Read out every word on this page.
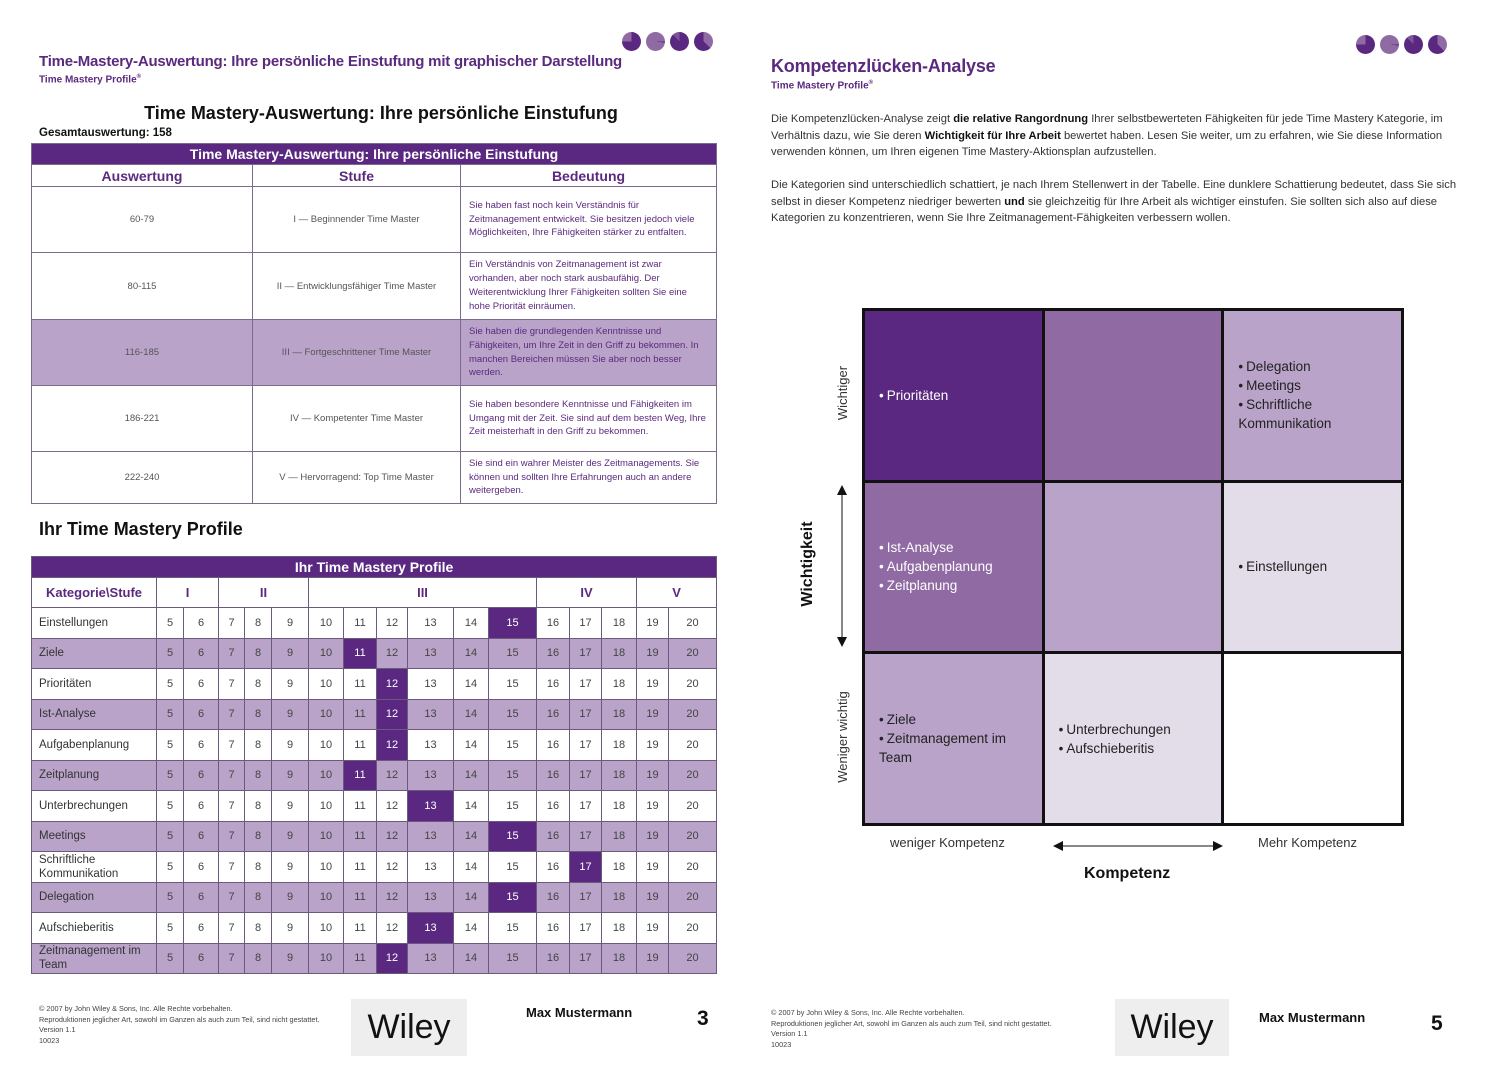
Time-Mastery-Auswertung: Ihre persönliche Einstufung mit graphischer Darstellung
Time Mastery Profile®
Time Mastery-Auswertung: Ihre persönliche Einstufung
Gesamtauswertung: 158
Time Mastery-Auswertung: Ihre persönliche Einstufung		
Auswertung	Stufe	Bedeutung
60-79	I — Beginnender Time Master	Sie haben fast noch kein Verständnis für Zeitmanagement entwickelt. Sie besitzen jedoch viele Möglichkeiten, Ihre Fähigkeiten stärker zu entfalten.
80-115	II — Entwicklungsfähiger Time Master	Ein Verständnis von Zeitmanagement ist zwar vorhanden, aber noch stark ausbaufähig. Der Weiterentwicklung Ihrer Fähigkeiten sollten Sie eine hohe Priorität einräumen.
116-185	III — Fortgeschrittener Time Master	Sie haben die grundlegenden Kenntnisse und Fähigkeiten, um Ihre Zeit in den Griff zu bekommen. In manchen Bereichen müssen Sie aber noch besser werden.
186-221	IV — Kompetenter Time Master	Sie haben besondere Kenntnisse und Fähigkeiten im Umgang mit der Zeit. Sie sind auf dem besten Weg, Ihre Zeit meisterhaft in den Griff zu bekommen.
222-240	V — Hervorragend: Top Time Master	Sie sind ein wahrer Meister des Zeitmanagements. Sie können und sollten Ihre Erfahrungen auch an andere weitergeben.
Ihr Time Mastery Profile
Ihr Time Mastery Profile																
Kategorie\Stufe	I		II			III						IV			V	
Einstellungen	5	6	7	8	9	10	11	12	13	14	15	16	17	18	19	20
Ziele	5	6	7	8	9	10	11	12	13	14	15	16	17	18	19	20
Prioritäten	5	6	7	8	9	10	11	12	13	14	15	16	17	18	19	20
Ist-Analyse	5	6	7	8	9	10	11	12	13	14	15	16	17	18	19	20
Aufgabenplanung	5	6	7	8	9	10	11	12	13	14	15	16	17	18	19	20
Zeitplanung	5	6	7	8	9	10	11	12	13	14	15	16	17	18	19	20
Unterbrechungen	5	6	7	8	9	10	11	12	13	14	15	16	17	18	19	20
Meetings	5	6	7	8	9	10	11	12	13	14	15	16	17	18	19	20
Schriftliche Kommunikation	5	6	7	8	9	10	11	12	13	14	15	16	17	18	19	20
Delegation	5	6	7	8	9	10	11	12	13	14	15	16	17	18	19	20
Aufschieberitis	5	6	7	8	9	10	11	12	13	14	15	16	17	18	19	20
Zeitmanagement im Team	5	6	7	8	9	10	11	12	13	14	15	16	17	18	19	20
© 2007 by John Wiley & Sons, Inc. Alle Rechte vorbehalten.
Reproduktionen jeglicher Art, sowohl im Ganzen als auch zum Teil, sind nicht gestattet.
Version 1.1
10023	Wiley	Max Mustermann	3
Kompetenzlücken-Analyse
Time Mastery Profile®
Die Kompetenzlücken-Analyse zeigt die relative Rangordnung Ihrer selbstbewerteten Fähigkeiten für jede Time Mastery Kategorie, im Verhältnis dazu, wie Sie deren Wichtigkeit für Ihre Arbeit bewertet haben. Lesen Sie weiter, um zu erfahren, wie Sie diese Information verwenden können, um Ihren eigenen Time Mastery-Aktionsplan aufzustellen.
Die Kategorien sind unterschiedlich schattiert, je nach Ihrem Stellenwert in der Tabelle. Eine dunklere Schattierung bedeutet, dass Sie sich selbst in dieser Kompetenz niedriger bewerten und sie gleichzeitig für Ihre Arbeit als wichtiger einstufen. Sie sollten sich also auf diese Kategorien zu konzentrieren, wenn Sie Ihre Zeitmanagement-Fähigkeiten verbessern wollen.
• Prioritäten
• Delegation
• Meetings
• Schriftliche Kommunikation
• Ist-Analyse
• Aufgabenplanung
• Zeitplanung
• Einstellungen
• Ziele
• Zeitmanagement im Team
• Unterbrechungen
• Aufschieberitis
Wichtiger
Wichtigkeit
Weniger wichtig
weniger Kompetenz	Mehr Kompetenz
Kompetenz
© 2007 by John Wiley & Sons, Inc. Alle Rechte vorbehalten.
Reproduktionen jeglicher Art, sowohl im Ganzen als auch zum Teil, sind nicht gestattet.
Version 1.1
10023	Wiley	Max Mustermann	5
